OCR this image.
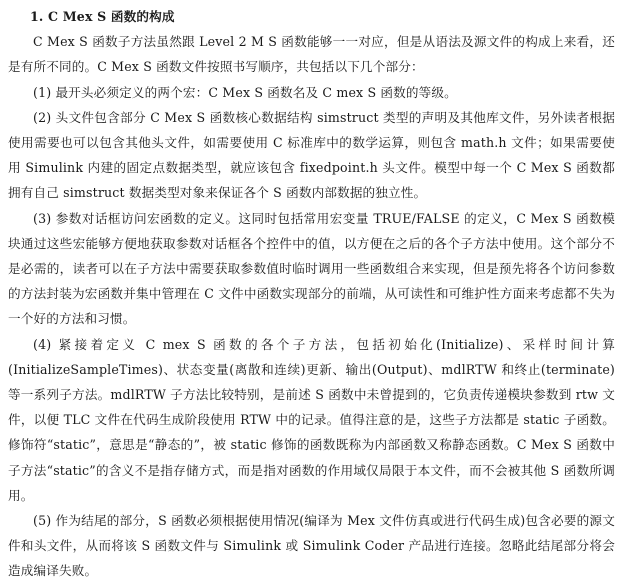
1. C Mex S 函数的构成

C Mex S 函数子方法虽然跟 Level 2 M S 函数能够一一对应，但是从语法及源文件的构成上来看，还是有所不同的。C Mex S 函数文件按照书写顺序，共包括以下几个部分：

(1) 最开头必须定义的两个宏：C Mex S 函数名及 C mex S 函数的等级。

(2) 头文件包含部分 C Mex S 函数核心数据结构 simstruct 类型的声明及其他库文件，另外读者根据使用需要也可以包含其他头文件，如需要使用 C 标准库中的数学运算，则包含 math.h 文件；如果需要使用 Simulink 内建的固定点数据类型，就应该包含 fixedpoint.h 头文件。模型中每一个 C Mex S 函数都拥有自己 simstruct 数据类型对象来保证各个 S 函数内部数据的独立性。

(3) 参数对话框访问宏函数的定义。这同时包括常用宏变量 TRUE/FALSE 的定义，C Mex S 函数模块通过这些宏能够方便地获取参数对话框各个控件中的值，以方便在之后的各个子方法中使用。这个部分不是必需的，读者可以在子方法中需要获取参数值时临时调用一些函数组合来实现，但是预先将各个访问参数的方法封装为宏函数并集中管理在 C 文件中函数实现部分的前端，从可读性和可维护性方面来考虑都不失为一个好的方法和习惯。

(4) 紧接着定义 C mex S 函数的各个子方法，包括初始化(Initialize)、采样时间计算(InitializeSampleTimes)、状态变量(离散和连续)更新、输出(Output)、mdlRTW 和终止(terminate)等一系列子方法。mdlRTW 子方法比较特别，是前述 S 函数中未曾提到的，它负责传递模块参数到 rtw 文件，以便 TLC 文件在代码生成阶段使用 RTW 中的记录。值得注意的是，这些子方法都是 static 子函数。修饰符“static”，意思是“静态的”，被 static 修饰的函数既称为内部函数又称静态函数。C Mex S 函数中子方法“static”的含义不是指存储方式，而是指对函数的作用域仅局限于本文件，而不会被其他 S 函数所调用。

(5) 作为结尾的部分，S 函数必须根据使用情况(编译为 Mex 文件仿真或进行代码生成)包含必要的源文件和头文件，从而将该 S 函数文件与 Simulink 或 Simulink Coder 产品进行连接。忽略此结尾部分将会造成编译失败。
